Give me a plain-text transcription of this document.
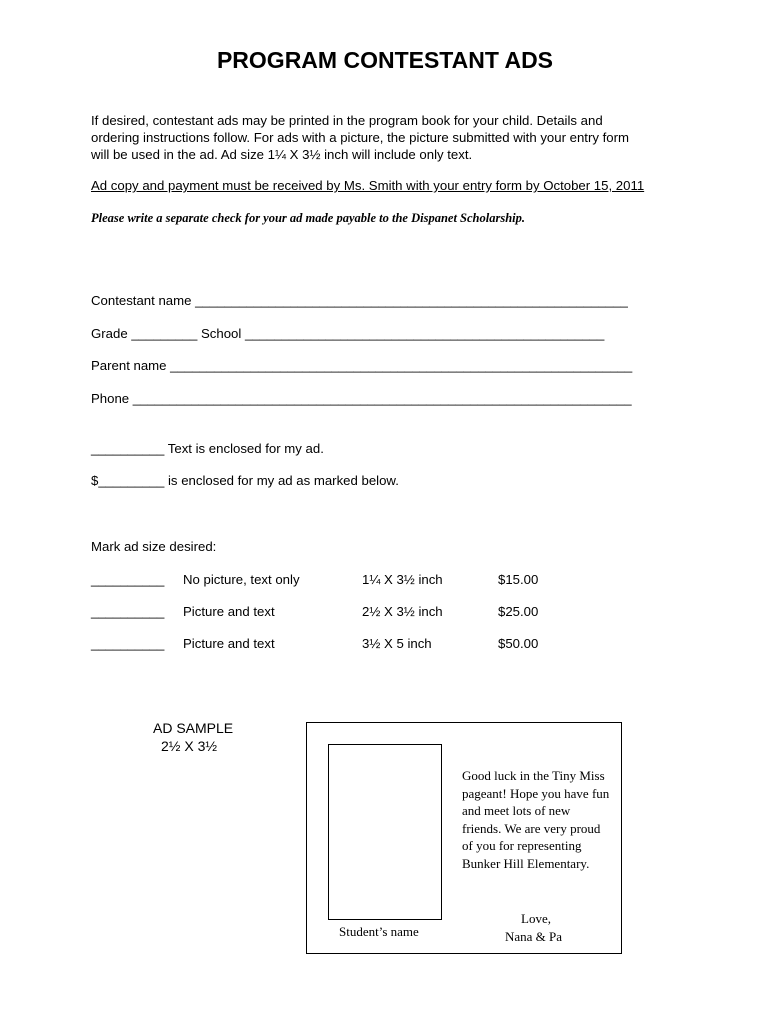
PROGRAM CONTESTANT ADS
If desired, contestant ads may be printed in the program book for your child. Details and
ordering instructions follow. For ads with a picture, the picture submitted with your entry form
will be used in the ad. Ad size 1¼ X 3½ inch will include only text.
Ad copy and payment must be received by Ms. Smith with your entry form by October 15, 2011
Please write a separate check for your ad made payable to the Dispanet Scholarship.
Contestant name ___________________________________________________________
Grade _________ School _________________________________________________
Parent name _______________________________________________________________
Phone ____________________________________________________________________
__________ Text is enclosed for my ad.
$_________ is enclosed for my ad as marked below.
Mark ad size desired:
__________ No picture, text only	1¼ X 3½ inch	$15.00
__________ Picture and text	2½ X 3½ inch	$25.00
__________ Picture and text	3½ X 5 inch	$50.00
AD SAMPLE
2½ X 3½
Student’s name
Good luck in the Tiny Miss pageant! Hope you have fun and meet lots of new friends. We are very proud of you for representing Bunker Hill Elementary.
Love,
Nana & Pa
